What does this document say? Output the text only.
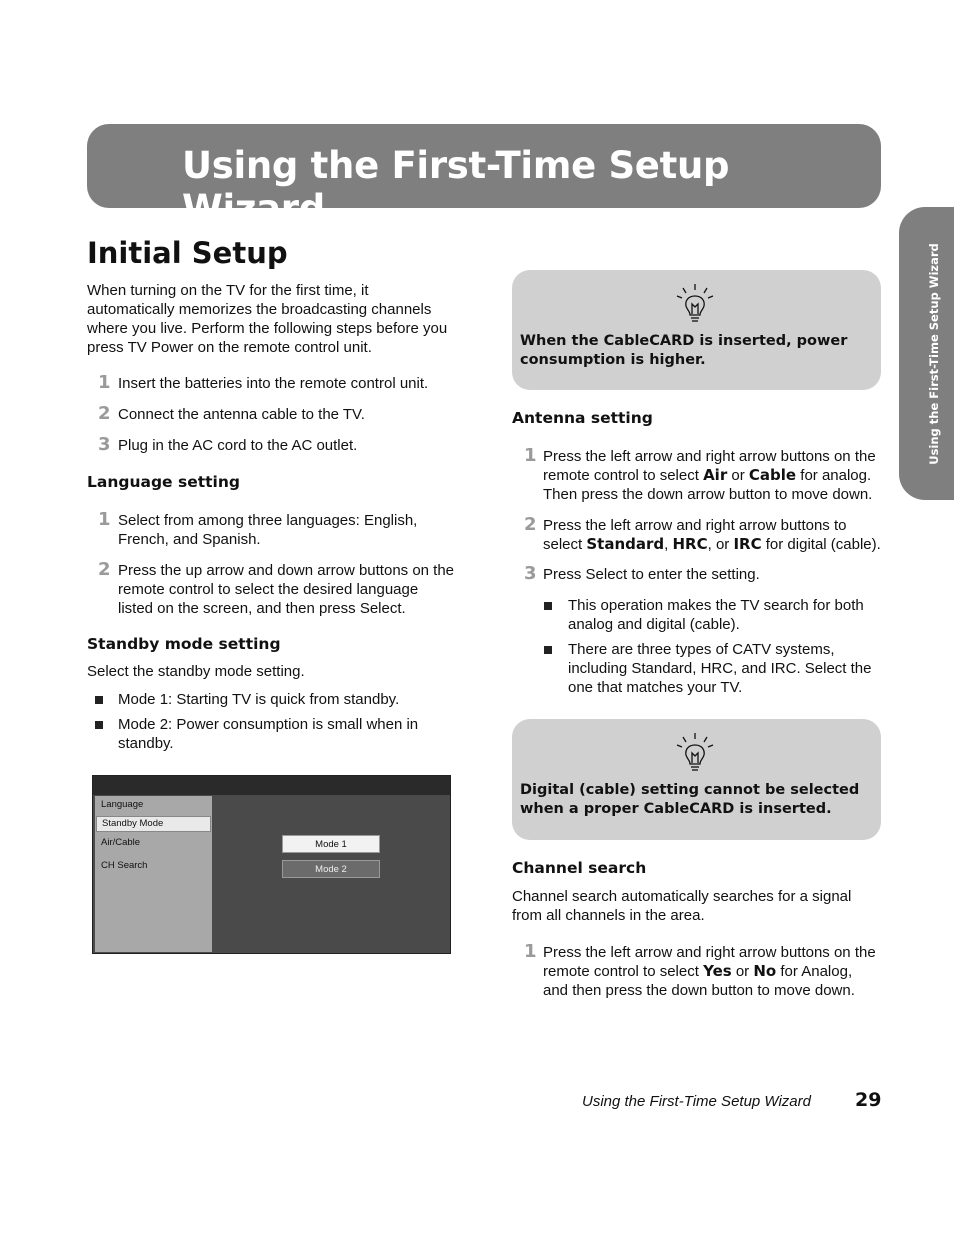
Using the First-Time Setup Wizard
Using the First-Time Setup Wizard
Initial Setup
When turning on the TV for the first time, it
automatically memorizes the broadcasting channels
where you live. Perform the following steps before you
press TV Power on the remote control unit.
1 Insert the batteries into the remote control unit.
2 Connect the antenna cable to the TV.
3 Plug in the AC cord to the AC outlet.
Language setting
1 Select from among three languages: English,
French, and Spanish.
2 Press the up arrow and down arrow buttons on the
remote control to select the desired language
listed on the screen, and then press Select.
Standby mode setting
Select the standby mode setting.
Mode 1: Starting TV is quick from standby.
Mode 2: Power consumption is small when in
standby.
Language
Standby Mode
Air/Cable
CH Search
Mode 1
Mode 2
When the CableCARD is inserted, power
consumption is higher.
Antenna setting
1 Press the left arrow and right arrow buttons on the
remote control to select Air or Cable for analog.
Then press the down arrow button to move down.
2 Press the left arrow and right arrow buttons to
select Standard, HRC, or IRC for digital (cable).
3 Press Select to enter the setting.
This operation makes the TV search for both
analog and digital (cable).
There are three types of CATV systems,
including Standard, HRC, and IRC. Select the
one that matches your TV.
Digital (cable) setting cannot be selected
when a proper CableCARD is inserted.
Channel search
Channel search automatically searches for a signal
from all channels in the area.
1 Press the left arrow and right arrow buttons on the
remote control to select Yes or No for Analog,
and then press the down button to move down.
Using the First-Time Setup Wizard 29
